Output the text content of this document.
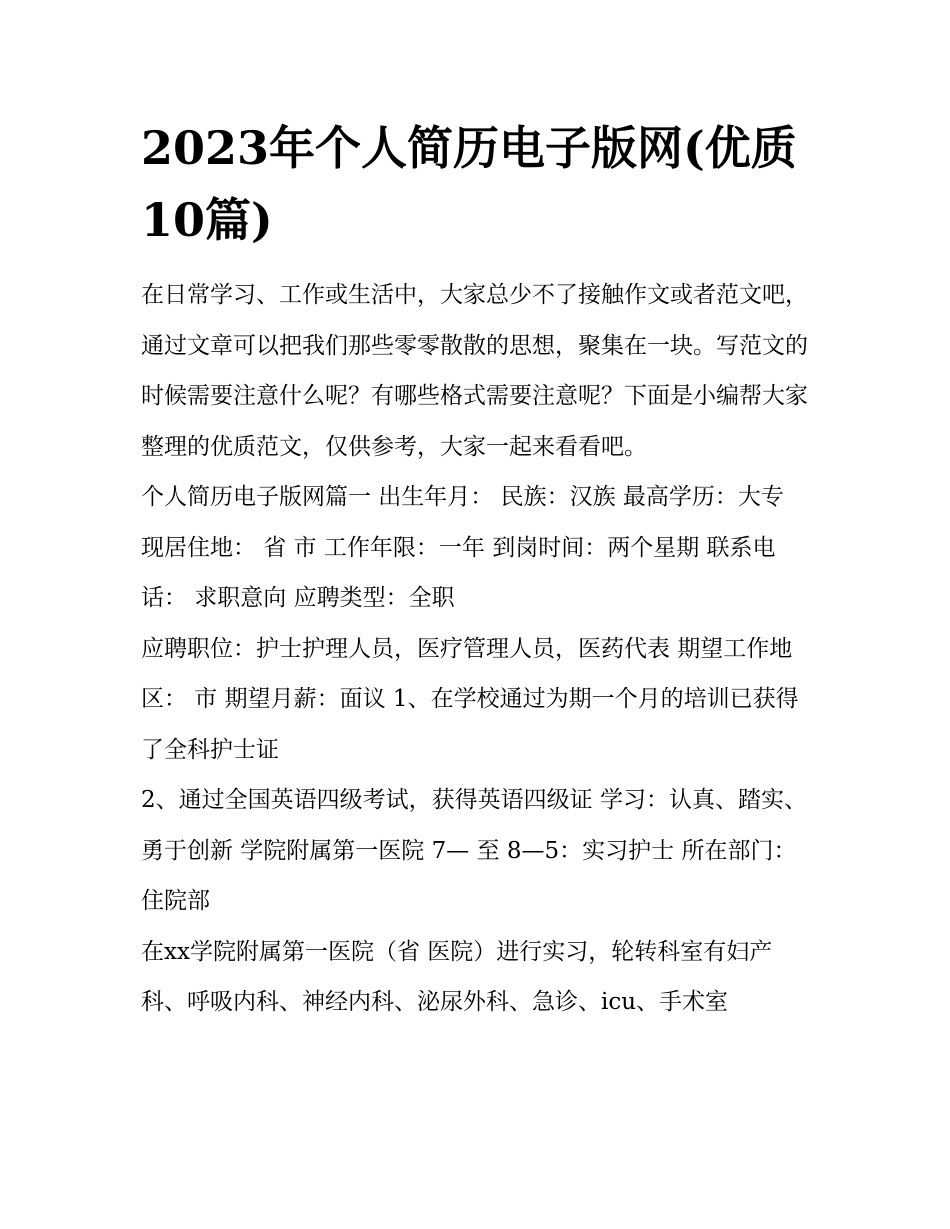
2023年个人简历电子版网(优质10篇)

在日常学习、工作或生活中，大家总少不了接触作文或者范文吧，通过文章可以把我们那些零零散散的思想，聚集在一块。写范文的时候需要注意什么呢？有哪些格式需要注意呢？下面是小编帮大家整理的优质范文，仅供参考，大家一起来看看吧。

个人简历电子版网篇一 出生年月： 民族：汉族 最高学历：大专 现居住地： 省 市 工作年限：一年 到岗时间：两个星期 联系电话： 求职意向 应聘类型：全职

应聘职位：护士护理人员，医疗管理人员，医药代表 期望工作地区： 市 期望月薪：面议 1、在学校通过为期一个月的培训已获得了全科护士证

2、通过全国英语四级考试，获得英语四级证 学习：认真、踏实、勇于创新 学院附属第一医院 7— 至 8—5：实习护士 所在部门：住院部

在xx学院附属第一医院（省 医院）进行实习，轮转科室有妇产科、呼吸内科、神经内科、泌尿外科、急诊、icu、手术室
